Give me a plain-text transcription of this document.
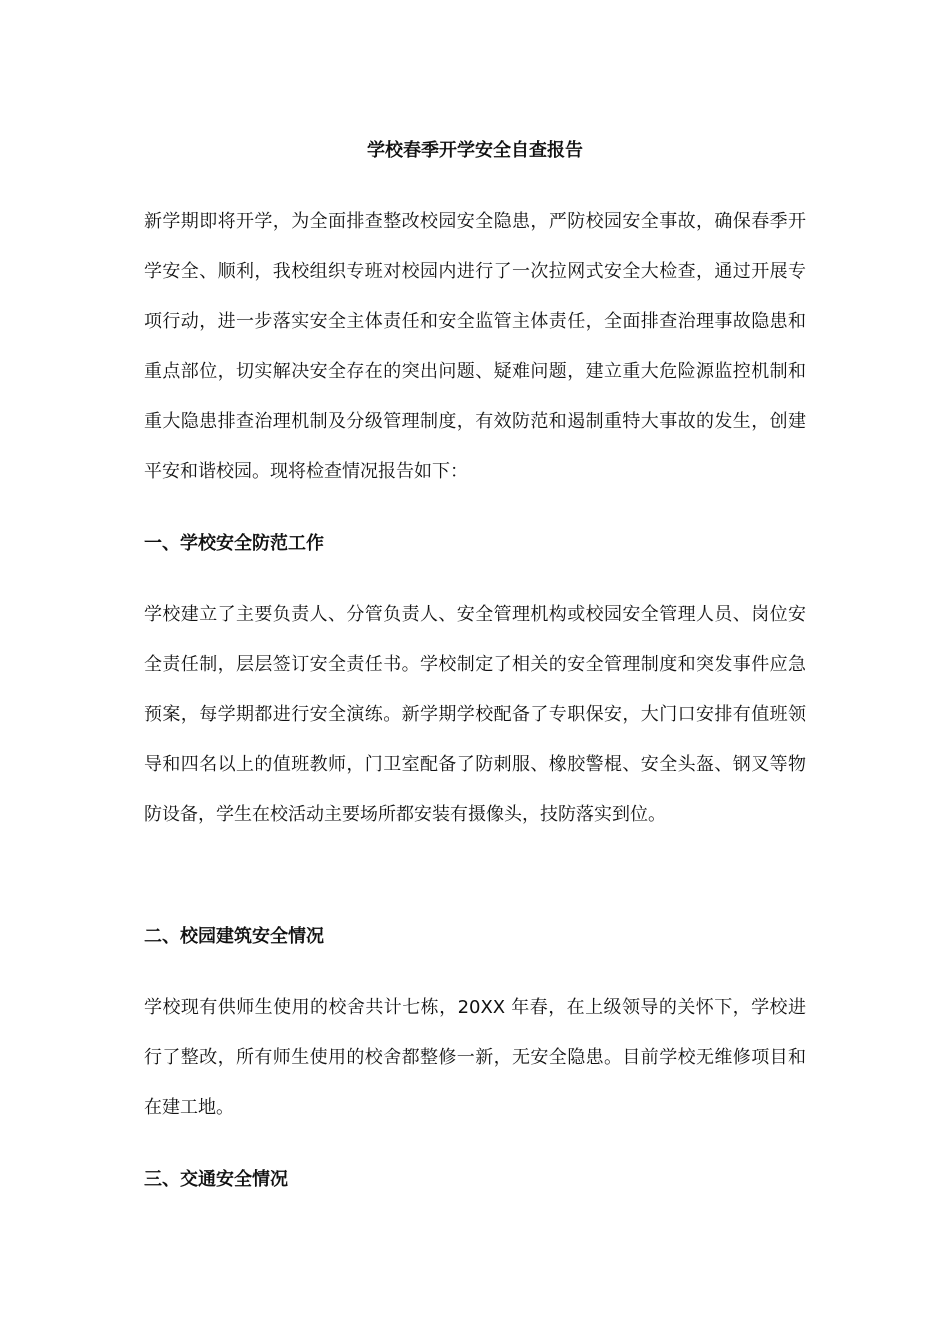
学校春季开学安全自查报告

新学期即将开学，为全面排查整改校园安全隐患，严防校园安全事故，确保春季开学安全、顺利，我校组织专班对校园内进行了一次拉网式安全大检查，通过开展专项行动，进一步落实安全主体责任和安全监管主体责任，全面排查治理事故隐患和重点部位，切实解决安全存在的突出问题、疑难问题，建立重大危险源监控机制和重大隐患排查治理机制及分级管理制度，有效防范和遏制重特大事故的发生，创建平安和谐校园。现将检查情况报告如下：

一、学校安全防范工作

学校建立了主要负责人、分管负责人、安全管理机构或校园安全管理人员、岗位安全责任制，层层签订安全责任书。学校制定了相关的安全管理制度和突发事件应急预案，每学期都进行安全演练。新学期学校配备了专职保安，大门口安排有值班领导和四名以上的值班教师，门卫室配备了防刺服、橡胶警棍、安全头盔、钢叉等物防设备，学生在校活动主要场所都安装有摄像头，技防落实到位。

二、校园建筑安全情况

学校现有供师生使用的校舍共计七栋，20XX 年春，在上级领导的关怀下，学校进行了整改，所有师生使用的校舍都整修一新，无安全隐患。目前学校无维修项目和在建工地。

三、交通安全情况
